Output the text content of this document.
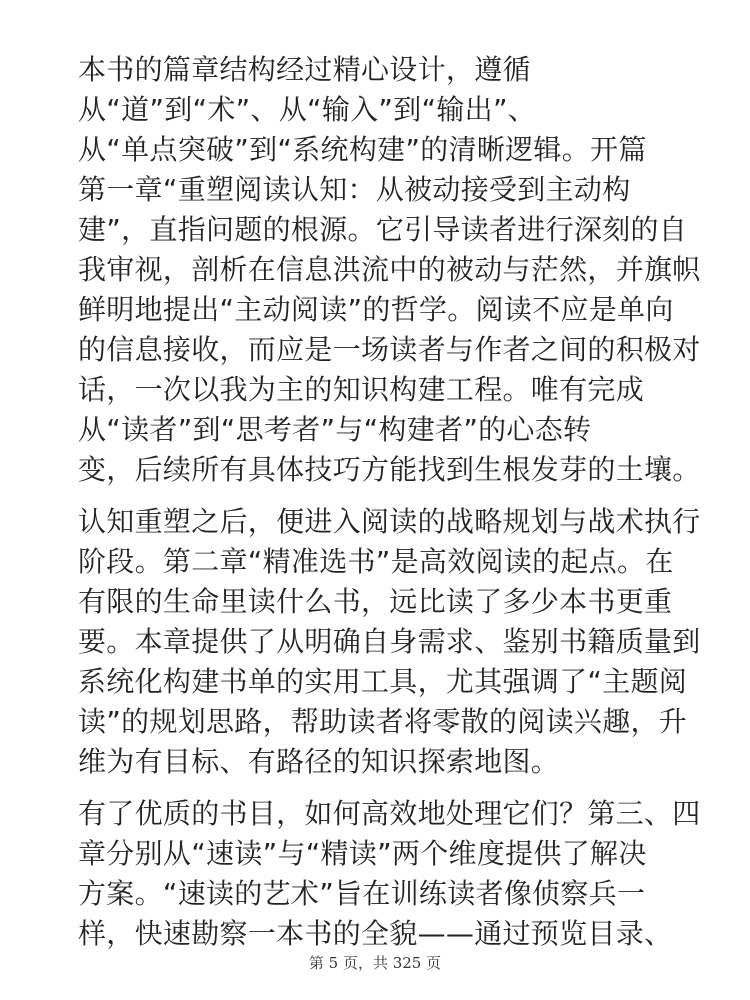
本书的篇章结构经过精心设计，遵循
从“道”到“术”、从“输入”到“输出”、
从“单点突破”到“系统构建”的清晰逻辑。开篇
第一章“重塑阅读认知：从被动接受到主动构
建”，直指问题的根源。它引导读者进行深刻的自
我审视，剖析在信息洪流中的被动与茫然，并旗帜
鲜明地提出“主动阅读”的哲学。阅读不应是单向
的信息接收，而应是一场读者与作者之间的积极对
话，一次以我为主的知识构建工程。唯有完成
从“读者”到“思考者”与“构建者”的心态转
变，后续所有具体技巧方能找到生根发芽的土壤。
认知重塑之后，便进入阅读的战略规划与战术执行
阶段。第二章“精准选书”是高效阅读的起点。在
有限的生命里读什么书，远比读了多少本书更重
要。本章提供了从明确自身需求、鉴别书籍质量到
系统化构建书单的实用工具，尤其强调了“主题阅
读”的规划思路，帮助读者将零散的阅读兴趣，升
维为有目标、有路径的知识探索地图。
有了优质的书目，如何高效地处理它们？第三、四
章分别从“速读”与“精读”两个维度提供了解决
方案。“速读的艺术”旨在训练读者像侦察兵一
样，快速勘察一本书的全貌——通过预览目录、
第 5 页，共 325 页
